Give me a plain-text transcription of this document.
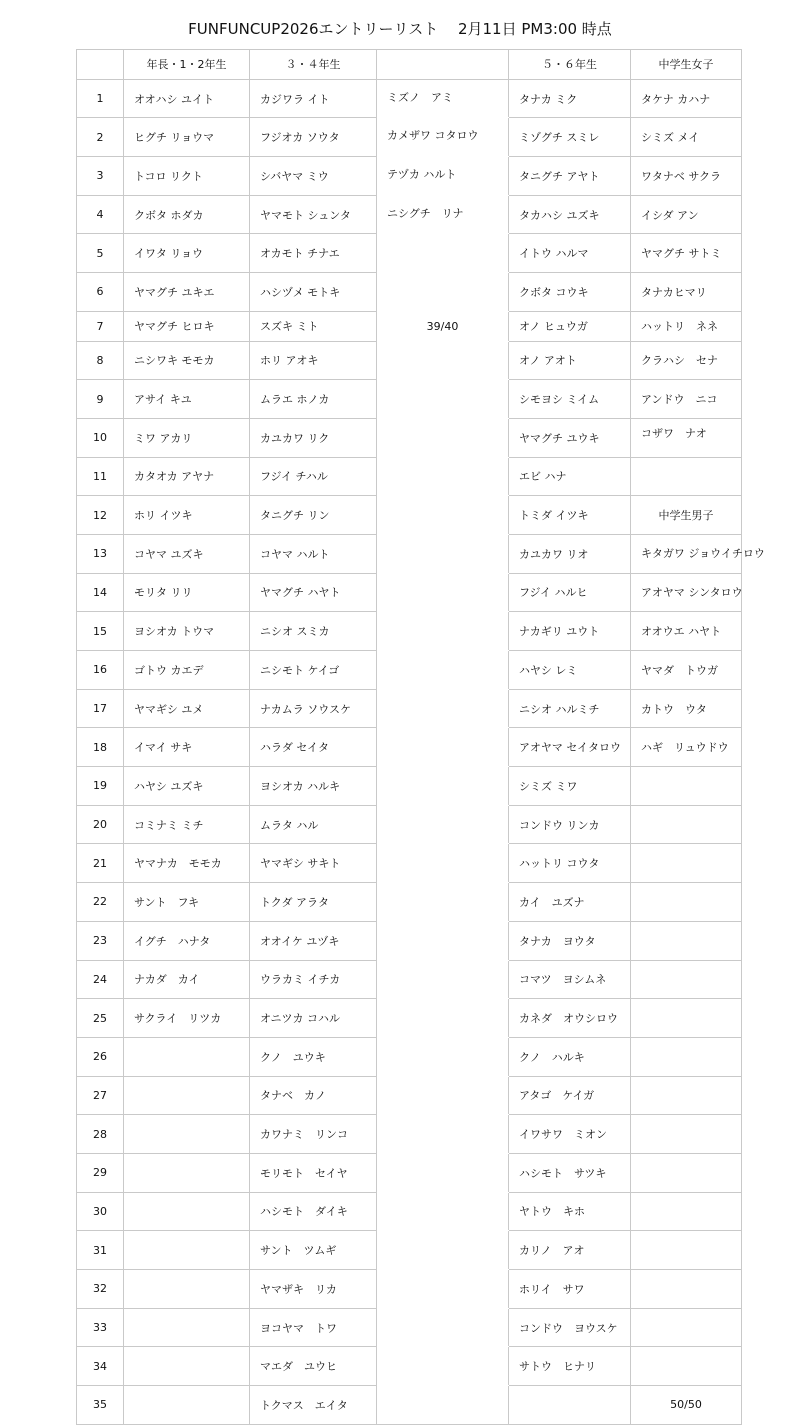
FUNFUNCUP2026エントリーリスト　 2月11日 PM3:00 時点
	年長・1・2年生	３・４年生		５・６年生	中学生女子
1	オオハシ ユイト	カジワラ イト	ミズノ　アミ	タナカ ミク	タケナ カハナ
2	ヒグチ リョウマ	フジオカ ソウタ	カメザワ コタロウ	ミゾグチ スミレ	シミズ メイ
3	トコロ リクト	シバヤマ ミウ	テヅカ ハルト	タニグチ アヤト	ワタナベ サクラ
4	クボタ ホダカ	ヤマモト シュンタ	ニシグチ　リナ	タカハシ ユズキ	イシダ アン
5	イワタ リョウ	オカモト チナエ		イトウ ハルマ	ヤマグチ サトミ
6	ヤマグチ ユキエ	ハシヅメ モトキ		クボタ コウキ	タナカヒマリ
7	ヤマグチ ヒロキ	スズキ ミト	39/40	オノ ヒュウガ	ハットリ　ネネ
8	ニシワキ モモカ	ホリ アオキ		オノ アオト	クラハシ　セナ
9	アサイ キユ	ムラエ ホノカ		シモヨシ ミイム	アンドウ　ニコ
10	ミワ アカリ	カユカワ リク		ヤマグチ ユウキ	コザワ　ナオ
11	カタオカ アヤナ	フジイ チハル		エビ ハナ	
12	ホリ イツキ	タニグチ リン		トミダ イツキ	中学生男子
13	コヤマ ユズキ	コヤマ ハルト		カユカワ リオ	キタガワ ジョウイチロウ
14	モリタ リリ	ヤマグチ ハヤト		フジイ ハルヒ	アオヤマ シンタロウ
15	ヨシオカ トウマ	ニシオ スミカ		ナカギリ ユウト	オオウエ ハヤト
16	ゴトウ カエデ	ニシモト ケイゴ		ハヤシ レミ	ヤマダ　トウガ
17	ヤマギシ ユメ	ナカムラ ソウスケ		ニシオ ハルミチ	カトウ　ウタ
18	イマイ サキ	ハラダ セイタ		アオヤマ セイタロウ	ハギ　リュウドウ
19	ハヤシ ユズキ	ヨシオカ ハルキ		シミズ ミワ	
20	コミナミ ミチ	ムラタ ハル		コンドウ リンカ	
21	ヤマナカ　モモカ	ヤマギシ サキト		ハットリ コウタ	
22	サント　フキ	トクダ アラタ		カイ　ユズナ	
23	イグチ　ハナタ	オオイケ ユヅキ		タナカ　ヨウタ	
24	ナカダ　カイ	ウラカミ イチカ		コマツ　ヨシムネ	
25	サクライ　リツカ	オニツカ コハル		カネダ　オウシロウ	
26		クノ　ユウキ		クノ　ハルキ	
27		タナベ　カノ		アタゴ　ケイガ	
28		カワナミ　リンコ		イワサワ　ミオン	
29		モリモト　セイヤ		ハシモト　サツキ	
30		ハシモト　ダイキ		ヤトウ　キホ	
31		サント　ツムギ		カリノ　アオ	
32		ヤマザキ　リカ		ホリイ　サワ	
33		ヨコヤマ　トワ		コンドウ　ヨウスケ	
34		マエダ　ユウヒ		サトウ　ヒナリ	
35		トクマス　エイタ			50/50
